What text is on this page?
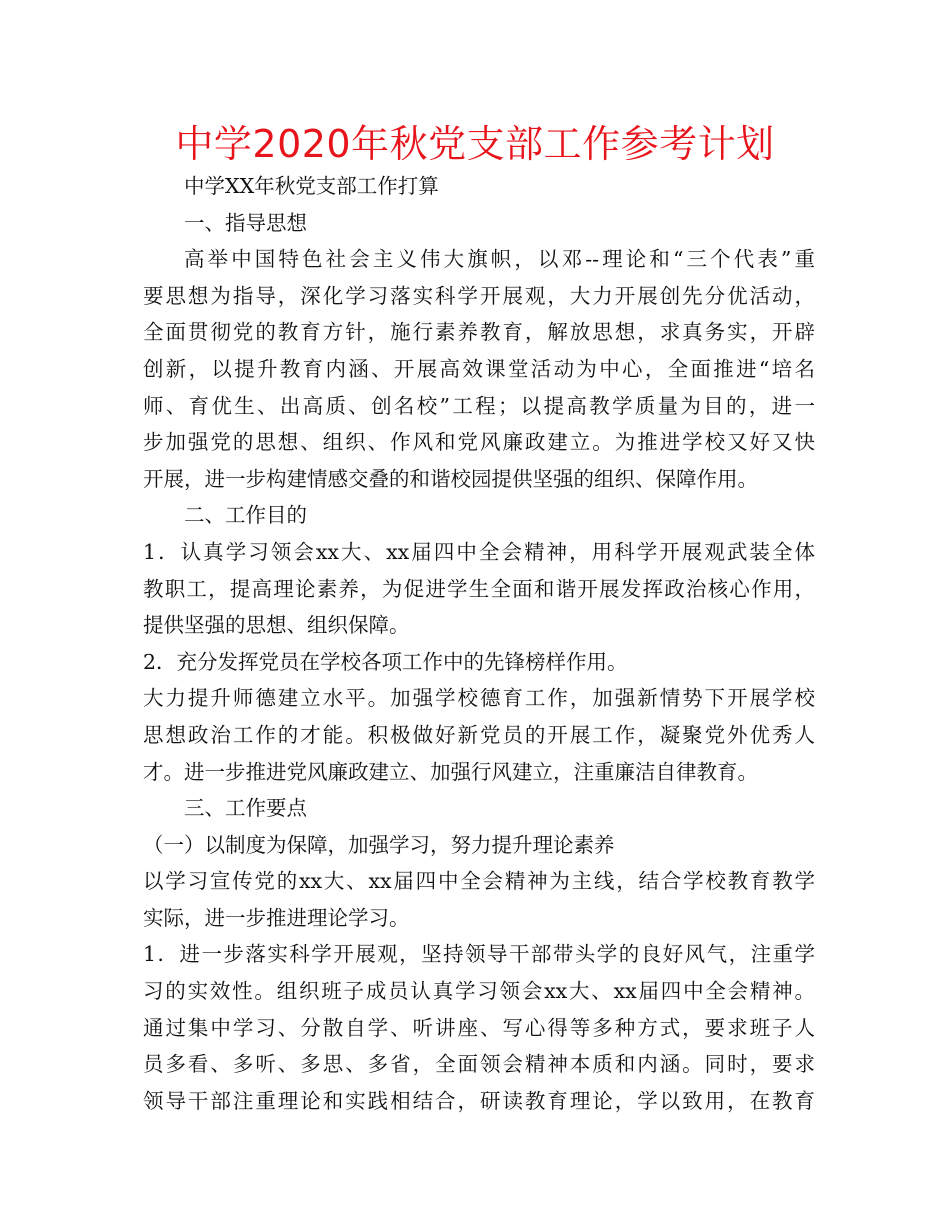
中学2020年秋党支部工作参考计划
中学XX年秋党支部工作打算
一、指导思想
高举中国特色社会主义伟大旗帜，以邓--理论和“三个代表”重
要思想为指导，深化学习落实科学开展观，大力开展创先分优活动，
全面贯彻党的教育方针，施行素养教育，解放思想，求真务实，开辟
创新，以提升教育内涵、开展高效课堂活动为中心，全面推进“培名
师、育优生、出高质、创名校”工程；以提高教学质量为目的，进一
步加强党的思想、组织、作风和党风廉政建立。为推进学校又好又快
开展，进一步构建情感交叠的和谐校园提供坚强的组织、保障作用。
二、工作目的
1．认真学习领会xx大、xx届四中全会精神，用科学开展观武装全体
教职工，提高理论素养，为促进学生全面和谐开展发挥政治核心作用，
提供坚强的思想、组织保障。
2．充分发挥党员在学校各项工作中的先锋榜样作用。
大力提升师德建立水平。加强学校德育工作，加强新情势下开展学校
思想政治工作的才能。积极做好新党员的开展工作，凝聚党外优秀人
才。进一步推进党风廉政建立、加强行风建立，注重廉洁自律教育。
三、工作要点
（一）以制度为保障，加强学习，努力提升理论素养
以学习宣传党的xx大、xx届四中全会精神为主线，结合学校教育教学
实际，进一步推进理论学习。
1．进一步落实科学开展观，坚持领导干部带头学的良好风气，注重学
习的实效性。组织班子成员认真学习领会xx大、xx届四中全会精神。
通过集中学习、分散自学、听讲座、写心得等多种方式，要求班子人
员多看、多听、多思、多省，全面领会精神本质和内涵。同时，要求
领导干部注重理论和实践相结合，研读教育理论，学以致用，在教育
